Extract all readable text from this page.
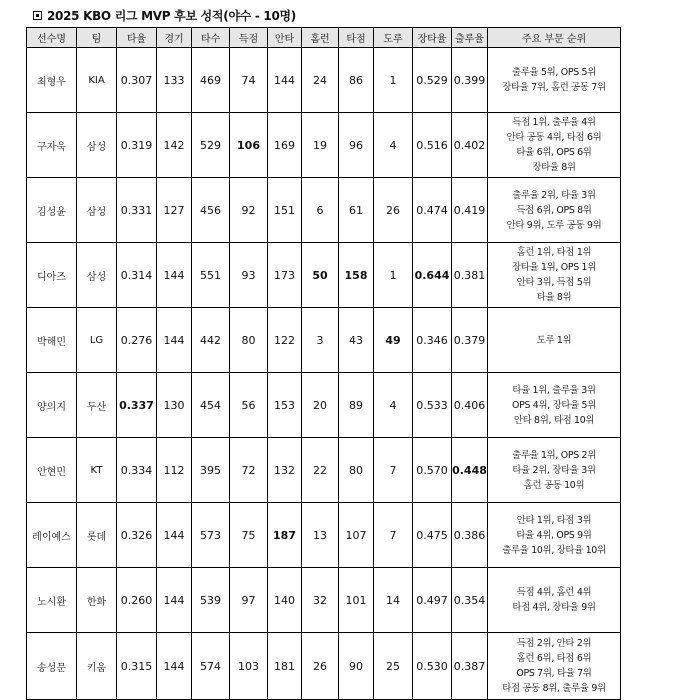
2025 KBO 리그 MVP 후보 성적(야수 - 10명)
선수명	팀	타율	경기	타수	득점	안타	홈런	타점	도루	장타율	출루율	주요 부문 순위
최형우	KIA	0.307	133	469	74	144	24	86	1	0.529	0.399	출루율 5위, OPS 5위
장타율 7위, 홈런 공동 7위

구자욱	삼성	0.319	142	529	106	169	19	96	4	0.516	0.402	득점 1위, 출루율 4위
안타 공동 4위, 타점 6위
타율 6위, OPS 6위
장타율 8위

김성윤	삼성	0.331	127	456	92	151	6	61	26	0.474	0.419	출루율 2위, 타율 3위
득점 6위, OPS 8위
안타 9위, 도루 공동 9위

디아즈	삼성	0.314	144	551	93	173	50	158	1	0.644	0.381	홈런 1위, 타점 1위
장타율 1위, OPS 1위
안타 3위, 득점 5위
타율 8위

박해민	LG	0.276	144	442	80	122	3	43	49	0.346	0.379	도루 1위

양의지	두산	0.337	130	454	56	153	20	89	4	0.533	0.406	타율 1위, 출루율 3위
OPS 4위, 장타율 5위
안타 8위, 타점 10위

안현민	KT	0.334	112	395	72	132	22	80	7	0.570	0.448	출루율 1위, OPS 2위
타율 2위, 장타율 3위
홈런 공동 10위

레이예스	롯데	0.326	144	573	75	187	13	107	7	0.475	0.386	안타 1위, 타점 3위
타율 4위, OPS 9위
출루율 10위, 장타율 10위

노시환	한화	0.260	144	539	97	140	32	101	14	0.497	0.354	득점 4위, 홈런 4위
타점 4위, 장타율 9위

송성문	키움	0.315	144	574	103	181	26	90	25	0.530	0.387	득점 2위, 안타 2위
홈런 6위, 타점 6위
OPS 7위, 타율 7위
타점 공동 8위, 출루율 9위
